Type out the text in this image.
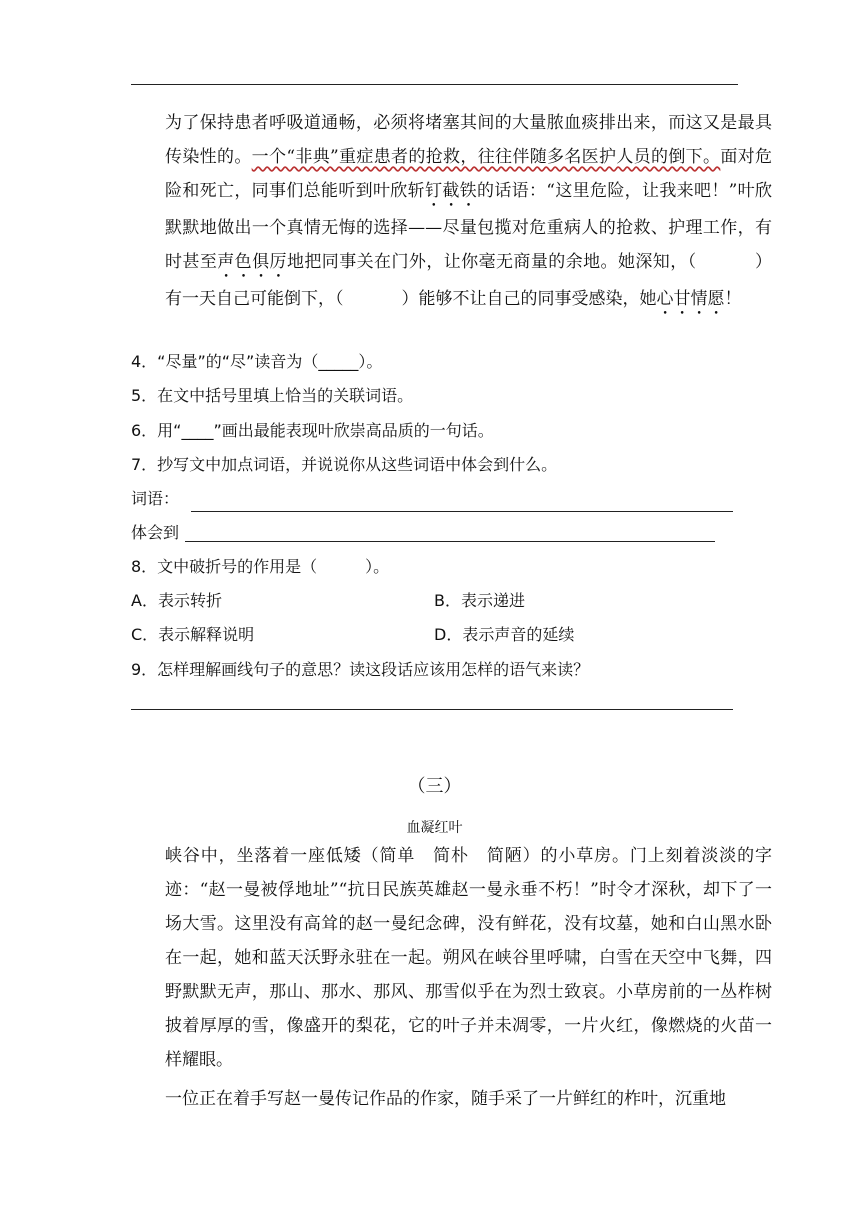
为了保持患者呼吸道通畅，必须将堵塞其间的大量脓血痰排出来，而这又是最具传染性的。一个“非典”重症患者的抢救，往往伴随多名医护人员的倒下。面对危险和死亡，同事们总能听到叶欣斩钉截铁的话语：“这里危险，让我来吧！”叶欣默默地做出一个真情无悔的选择——尽量包揽对危重病人的抢救、护理工作，有时甚至声色俱厉地把同事关在门外，让你毫无商量的余地。她深知，（	）有一天自己可能倒下，（	）能够不让自己的同事受感染，她心甘情愿！
4．“尽量”的“尽”读音为（_____）。
5．在文中括号里填上恰当的关联词语。
6．用“____”画出最能表现叶欣崇高品质的一句话。
7．抄写文中加点词语，并说说你从这些词语中体会到什么。
词语：
体会到
8．文中破折号的作用是（　　　）。
A．表示转折	B．表示递进
C．表示解释说明	D．表示声音的延续
9．怎样理解画线句子的意思？读这段话应该用怎样的语气来读？
（三）
血凝红叶
峡谷中，坐落着一座低矮（简单　简朴　简陋）的小草房。门上刻着淡淡的字迹：“赵一曼被俘地址”“抗日民族英雄赵一曼永垂不朽！”时令才深秋，却下了一场大雪。这里没有高耸的赵一曼纪念碑，没有鲜花，没有坟墓，她和白山黑水卧在一起，她和蓝天沃野永驻在一起。朔风在峡谷里呼啸，白雪在天空中飞舞，四野默默无声，那山、那水、那风、那雪似乎在为烈士致哀。小草房前的一丛柞树披着厚厚的雪，像盛开的梨花，它的叶子并未凋零，一片火红，像燃烧的火苗一样耀眼。
一位正在着手写赵一曼传记作品的作家，随手采了一片鲜红的柞叶，沉重地
